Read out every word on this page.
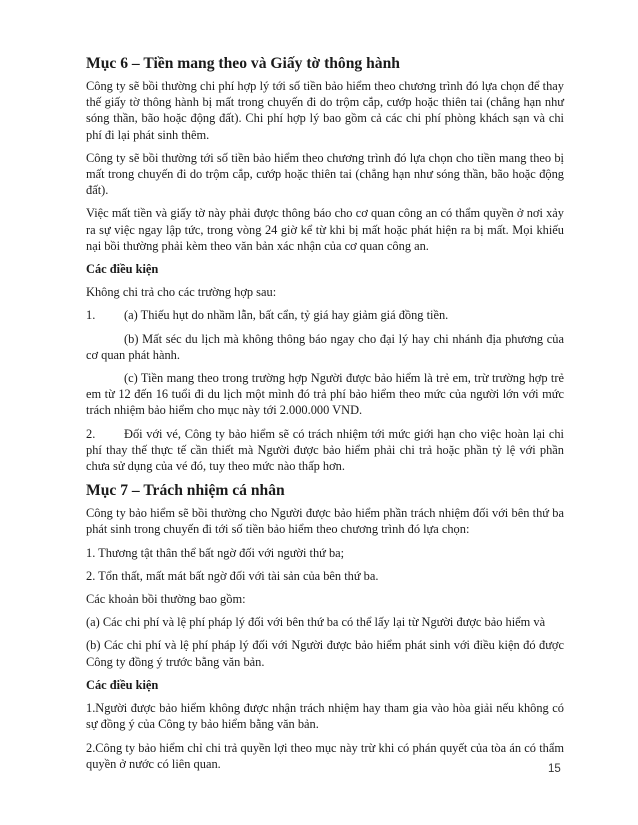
Mục 6 – Tiền mang theo và Giấy tờ thông hành

Công ty sẽ bồi thường chi phí hợp lý tới số tiền bảo hiểm theo chương trình đó lựa chọn để thay thế giấy tờ thông hành bị mất trong chuyến đi do trộm cắp, cướp hoặc thiên tai (chẳng hạn như sóng thần, bão hoặc động đất). Chi phí hợp lý bao gồm cả các chi phí phòng khách sạn và chi phí đi lại phát sinh thêm.

Công ty sẽ bồi thường tới số tiền bảo hiểm theo chương trình đó lựa chọn cho tiền mang theo bị mất trong chuyến đi do trộm cắp, cướp hoặc thiên tai (chẳng hạn như sóng thần, bão hoặc động đất).

Việc mất tiền và giấy tờ này phải được thông báo cho cơ quan công an có thẩm quyền ở nơi xảy ra sự việc ngay lập tức, trong vòng 24 giờ kể từ khi bị mất hoặc phát hiện ra bị mất. Mọi khiếu nại bồi thường phải kèm theo văn bản xác nhận của cơ quan công an.

Các điều kiện

Không chi trả cho các trường hợp sau:

1.	(a) Thiếu hụt do nhầm lẫn, bất cẩn, tỷ giá hay giảm giá đồng tiền.

(b) Mất séc du lịch mà không thông báo ngay cho đại lý hay chi nhánh địa phương của cơ quan phát hành.

(c) Tiền mang theo trong trường hợp Người được bảo hiểm là trẻ em, trừ trường hợp trẻ em từ 12 đến 16 tuổi đi du lịch một mình đó trả phí bảo hiểm theo mức của người lớn với mức trách nhiệm bảo hiểm cho mục này tới 2.000.000 VND.

2. Đối với vé, Công ty bảo hiểm sẽ có trách nhiệm tới mức giới hạn cho việc hoàn lại chi phí thay thế thực tế cần thiết mà Người được bảo hiểm phải chi trả hoặc phần tỷ lệ với phần chưa sử dụng của vé đó, tuy theo mức nào thấp hơn.

Mục 7 – Trách nhiệm cá nhân

Công ty bảo hiểm sẽ bồi thường cho Người được bảo hiểm phần trách nhiệm đối với bên thứ ba phát sinh trong chuyến đi tới số tiền bảo hiểm theo chương trình đó lựa chọn:

1. Thương tật thân thể bất ngờ đối với người thứ ba;

2. Tổn thất, mất mát bất ngờ đối với tài sản của bên thứ ba.

Các khoản bồi thường bao gồm:

(a) Các chi phí và lệ phí pháp lý đối với bên thứ ba có thể lấy lại từ Người được bảo hiểm và

(b) Các chi phí và lệ phí pháp lý đối với Người được bảo hiểm phát sinh với điều kiện đó được Công ty đồng ý trước bằng văn bản.

Các điều kiện

1.Người được bảo hiểm không được nhận trách nhiệm hay tham gia vào hòa giải nếu không có sự đồng ý của Công ty bảo hiểm bằng văn bản.

2.Công ty bảo hiểm chỉ chi trả quyền lợi theo mục này trừ khi có phán quyết của tòa án có thẩm quyền ở nước có liên quan.	15
